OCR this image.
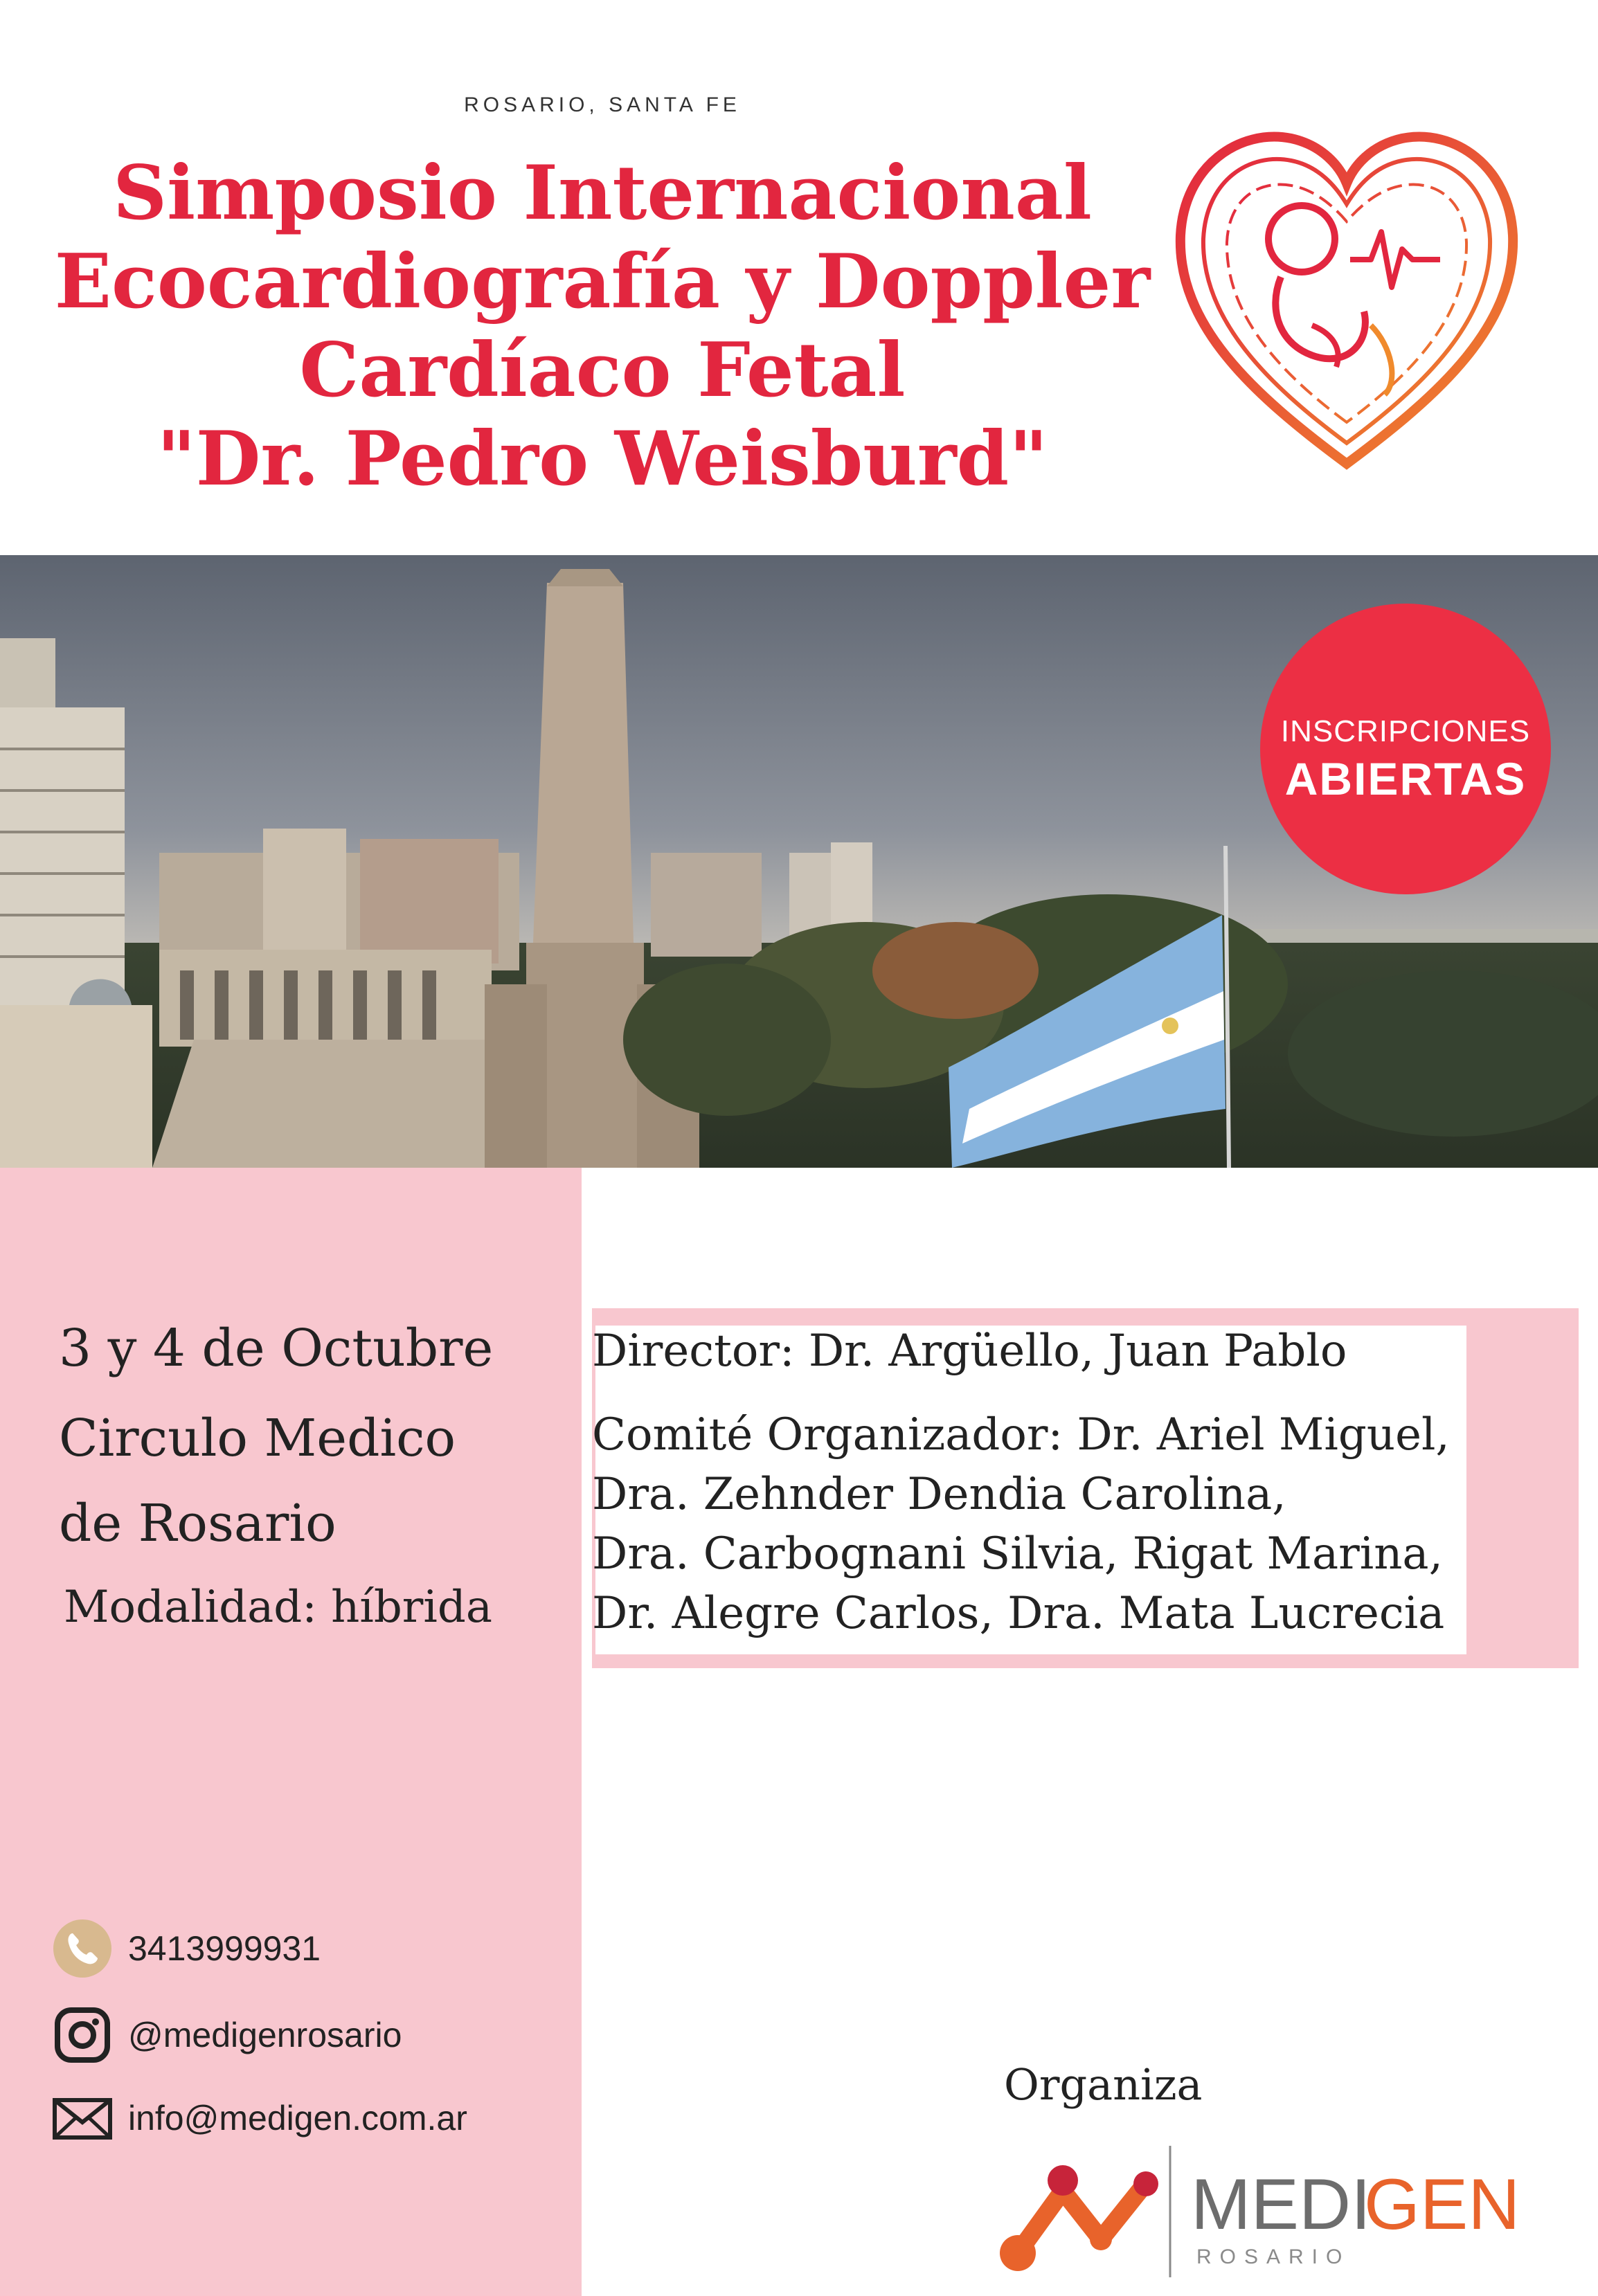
ROSARIO, SANTA FE
Simposio Internacional
Ecocardiografía y Doppler
Cardíaco Fetal
"Dr. Pedro Weisburd"
INSCRIPCIONES
ABIERTAS
3 y 4 de Octubre
Circulo Medico
de Rosario
Modalidad: híbrida
Director: Dr. Argüello, Juan Pablo
Comité Organizador: Dr. Ariel Miguel,
Dra. Zehnder Dendia Carolina,
Dra. Carbognani Silvia, Rigat Marina,
Dr. Alegre Carlos, Dra. Mata Lucrecia
3413999931
@medigenrosario
info@medigen.com.ar
Organiza
MEDI
GEN
ROSARIO
